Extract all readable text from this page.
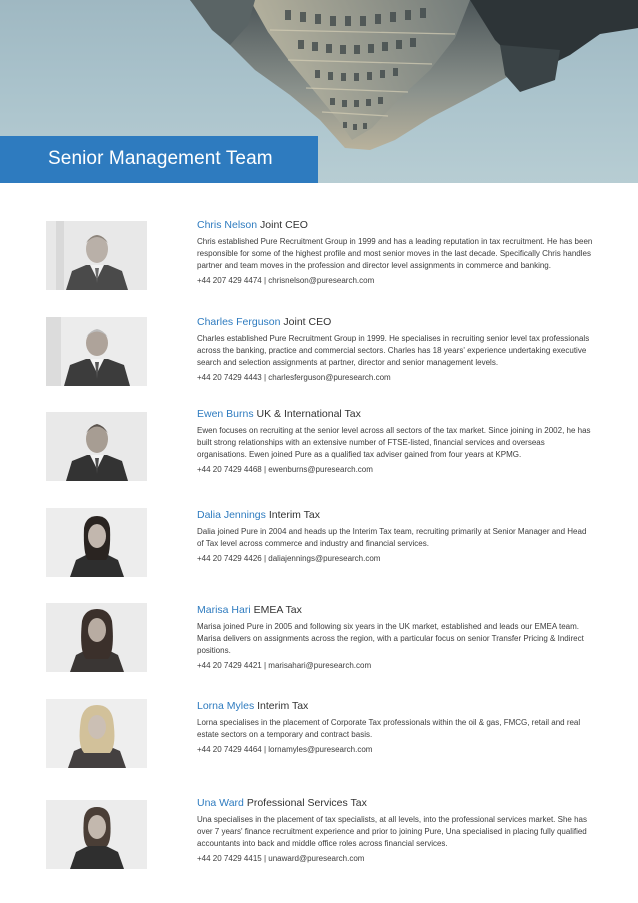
Senior Management Team
Chris Nelson Joint CEO
Chris established Pure Recruitment Group in 1999 and has a leading reputation in tax recruitment. He has been responsible for some of the highest profile and most senior moves in the last decade. Specifically Chris handles partner and team moves in the profession and director level assignments in commerce and banking.
+44 207 429 4474 | chrisnelson@puresearch.com
Charles Ferguson Joint CEO
Charles established Pure Recruitment Group in 1999. He specialises in recruiting senior level tax professionals across the banking, practice and commercial sectors. Charles has 18 years' experience undertaking executive search and selection assignments at partner, director and senior management levels.
+44 20 7429 4443 | charlesferguson@puresearch.com
Ewen Burns UK & International Tax
Ewen focuses on recruiting at the senior level across all sectors of the tax market. Since joining in 2002, he has built strong relationships with an extensive number of FTSE-listed, financial services and overseas organisations. Ewen joined Pure as a qualified tax adviser gained from four years at KPMG.
+44 20 7429 4468 | ewenburns@puresearch.com
Dalia Jennings Interim Tax
Dalia joined Pure in 2004 and heads up the Interim Tax team, recruiting primarily at Senior Manager and Head of Tax level across commerce and industry and financial services.
+44 20 7429 4426 | daliajennings@puresearch.com
Marisa Hari EMEA Tax
Marisa joined Pure in 2005 and following six years in the UK market, established and leads our EMEA team. Marisa delivers on assignments across the region, with a particular focus on senior Transfer Pricing & Indirect positions.
+44 20 7429 4421 | marisahari@puresearch.com
Lorna Myles Interim Tax
Lorna specialises in the placement of Corporate Tax professionals within the oil & gas, FMCG, retail and real estate sectors on a temporary and contract basis.
+44 20 7429 4464 | lornamyles@puresearch.com
Una Ward Professional Services Tax
Una specialises in the placement of tax specialists, at all levels, into the professional services market. She has over 7 years' finance recruitment experience and prior to joining Pure, Una specialised in placing fully qualified accountants into back and middle office roles across financial services.
+44 20 7429 4415 | unaward@puresearch.com
